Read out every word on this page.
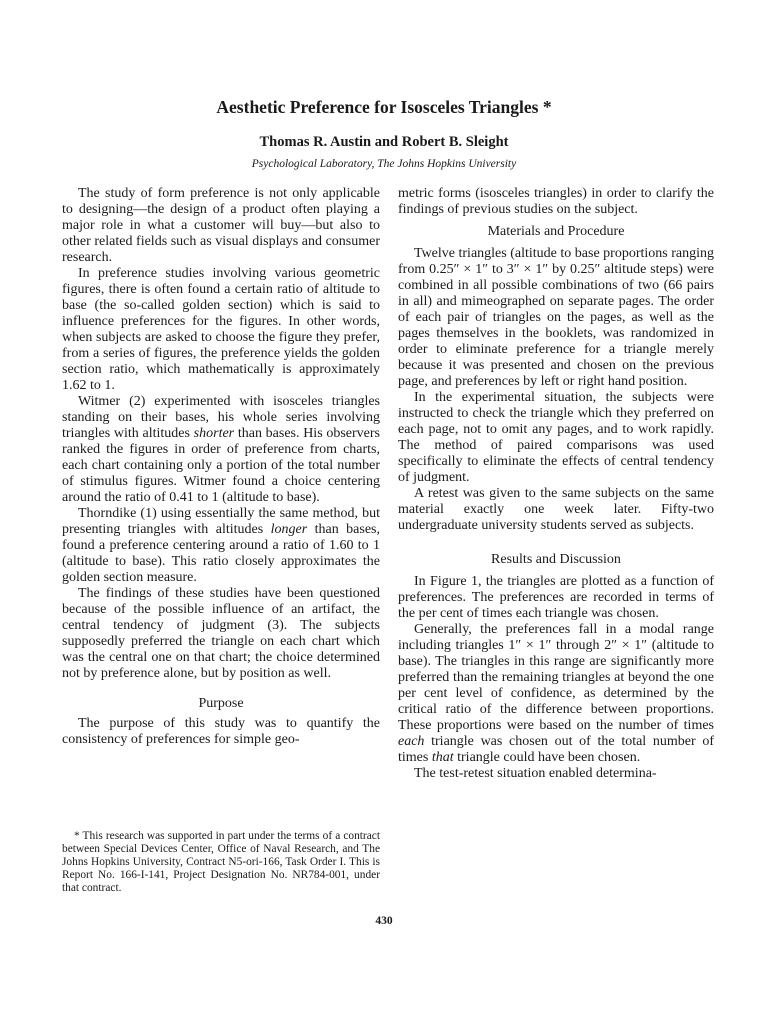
Aesthetic Preference for Isosceles Triangles *

Thomas R. Austin and Robert B. Sleight

Psychological Laboratory, The Johns Hopkins University

The study of form preference is not only applicable to designing—the design of a product often playing a major role in what a customer will buy—but also to other related fields such as visual displays and consumer research.

In preference studies involving various geometric figures, there is often found a certain ratio of altitude to base (the so-called golden section) which is said to influence preferences for the figures. In other words, when subjects are asked to choose the figure they prefer, from a series of figures, the preference yields the golden section ratio, which mathematically is approximately 1.62 to 1.

Witmer (2) experimented with isosceles triangles standing on their bases, his whole series involving triangles with altitudes shorter than bases. His observers ranked the figures in order of preference from charts, each chart containing only a portion of the total number of stimulus figures. Witmer found a choice centering around the ratio of 0.41 to 1 (altitude to base).

Thorndike (1) using essentially the same method, but presenting triangles with altitudes longer than bases, found a preference centering around a ratio of 1.60 to 1 (altitude to base). This ratio closely approximates the golden section measure.

The findings of these studies have been questioned because of the possible influence of an artifact, the central tendency of judgment (3). The subjects supposedly preferred the triangle on each chart which was the central one on that chart; the choice determined not by preference alone, but by position as well.

Purpose

The purpose of this study was to quantify the consistency of preferences for simple geo-

* This research was supported in part under the terms of a contract between Special Devices Center, Office of Naval Research, and The Johns Hopkins University, Contract N5-ori-166, Task Order I. This is Report No. 166-I-141, Project Designation No. NR784-001, under that contract.

metric forms (isosceles triangles) in order to clarify the findings of previous studies on the subject.

Materials and Procedure

Twelve triangles (altitude to base proportions ranging from 0.25″ × 1″ to 3″ × 1″ by 0.25″ altitude steps) were combined in all possible combinations of two (66 pairs in all) and mimeographed on separate pages. The order of each pair of triangles on the pages, as well as the pages themselves in the booklets, was randomized in order to eliminate preference for a triangle merely because it was presented and chosen on the previous page, and preferences by left or right hand position.

In the experimental situation, the subjects were instructed to check the triangle which they preferred on each page, not to omit any pages, and to work rapidly. The method of paired comparisons was used specifically to eliminate the effects of central tendency of judgment.

A retest was given to the same subjects on the same material exactly one week later. Fifty-two undergraduate university students served as subjects.

Results and Discussion

In Figure 1, the triangles are plotted as a function of preferences. The preferences are recorded in terms of the per cent of times each triangle was chosen.

Generally, the preferences fall in a modal range including triangles 1″ × 1″ through 2″ × 1″ (altitude to base). The triangles in this range are significantly more preferred than the remaining triangles at beyond the one per cent level of confidence, as determined by the critical ratio of the difference between proportions. These proportions were based on the number of times each triangle was chosen out of the total number of times that triangle could have been chosen.

The test-retest situation enabled determina-

430
